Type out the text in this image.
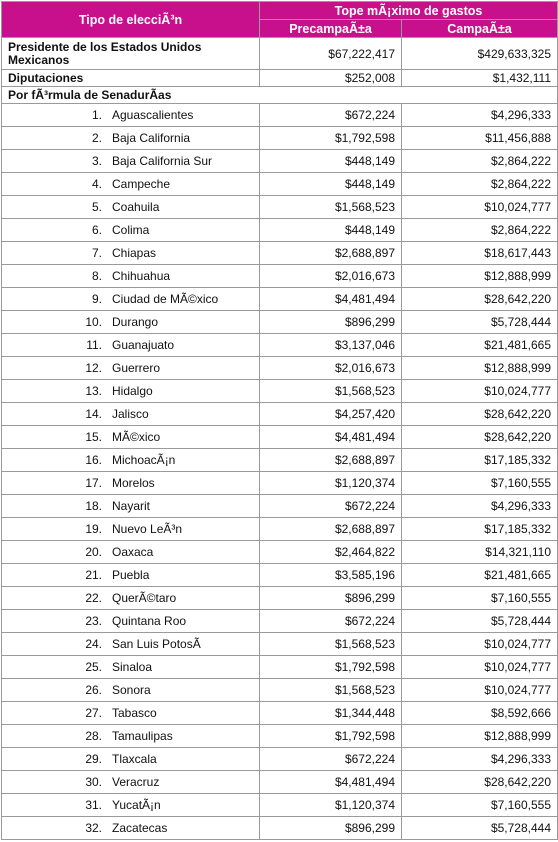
Tipo de elecciÃ³n	Tope mÃ¡ximo de gastos	
	PrecampaÃ±a	CampaÃ±a
Presidente de los Estados Unidos Mexicanos	$67,222,417	$429,633,325
Diputaciones	$252,008	$1,432,111
Por fÃ³rmula de SenadurÃas		
1. Aguascalientes	$672,224	$4,296,333
2. Baja California	$1,792,598	$11,456,888
3. Baja California Sur	$448,149	$2,864,222
4. Campeche	$448,149	$2,864,222
5. Coahuila	$1,568,523	$10,024,777
6. Colima	$448,149	$2,864,222
7. Chiapas	$2,688,897	$18,617,443
8. Chihuahua	$2,016,673	$12,888,999
9. Ciudad de MÃ©xico	$4,481,494	$28,642,220
10. Durango	$896,299	$5,728,444
11. Guanajuato	$3,137,046	$21,481,665
12. Guerrero	$2,016,673	$12,888,999
13. Hidalgo	$1,568,523	$10,024,777
14. Jalisco	$4,257,420	$28,642,220
15. MÃ©xico	$4,481,494	$28,642,220
16. MichoacÃ¡n	$2,688,897	$17,185,332
17. Morelos	$1,120,374	$7,160,555
18. Nayarit	$672,224	$4,296,333
19. Nuevo LeÃ³n	$2,688,897	$17,185,332
20. Oaxaca	$2,464,822	$14,321,110
21. Puebla	$3,585,196	$21,481,665
22. QuerÃ©taro	$896,299	$7,160,555
23. Quintana Roo	$672,224	$5,728,444
24. San Luis PotosÃ	$1,568,523	$10,024,777
25. Sinaloa	$1,792,598	$10,024,777
26. Sonora	$1,568,523	$10,024,777
27. Tabasco	$1,344,448	$8,592,666
28. Tamaulipas	$1,792,598	$12,888,999
29. Tlaxcala	$672,224	$4,296,333
30. Veracruz	$4,481,494	$28,642,220
31. YucatÃ¡n	$1,120,374	$7,160,555
32. Zacatecas	$896,299	$5,728,444
